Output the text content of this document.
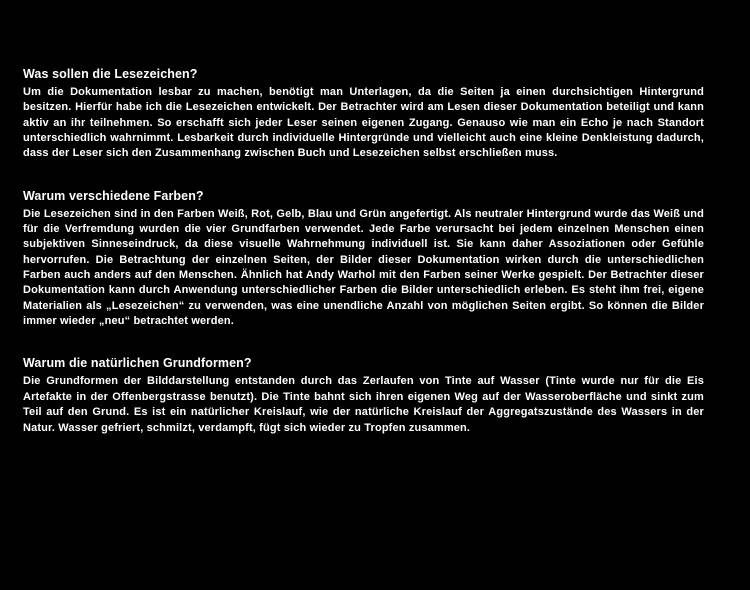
Was sollen die Lesezeichen?

Um die Dokumentation lesbar zu machen, benötigt man Unterlagen, da die Seiten ja einen durchsichtigen Hintergrund besitzen. Hierfür habe ich die Lesezeichen entwickelt. Der Betrachter wird am Lesen dieser Dokumentation beteiligt und kann aktiv an ihr teilnehmen. So erschafft sich jeder Leser seinen eigenen Zugang. Genauso wie man ein Echo je nach Standort unterschiedlich wahrnimmt. Lesbarkeit durch individuelle Hintergründe und vielleicht auch eine kleine Denkleistung dadurch, dass der Leser sich den Zusammenhang zwischen Buch und Lesezeichen selbst erschließen muss.

Warum verschiedene Farben?

Die Lesezeichen sind in den Farben Weiß, Rot, Gelb, Blau und Grün angefertigt. Als neutraler Hintergrund wurde das Weiß und für die Verfremdung wurden die vier Grundfarben verwendet. Jede Farbe verursacht bei jedem einzelnen Menschen einen subjektiven Sinneseindruck, da diese visuelle Wahrnehmung individuell ist. Sie kann daher Assoziationen oder Gefühle hervorrufen. Die Betrachtung der einzelnen Seiten, der Bilder dieser Dokumentation wirken durch die unterschiedlichen Farben auch anders auf den Menschen. Ähnlich hat Andy Warhol mit den Farben seiner Werke gespielt. Der Betrachter dieser Dokumentation kann durch Anwendung unterschiedlicher Farben die Bilder unterschiedlich erleben. Es steht ihm frei, eigene Materialien als „Lesezeichen“ zu verwenden, was eine unendliche Anzahl von möglichen Seiten ergibt. So können die Bilder immer wieder „neu“ betrachtet werden.

Warum die natürlichen Grundformen?

Die Grundformen der Bilddarstellung entstanden durch das Zerlaufen von Tinte auf Wasser (Tinte wurde nur für die Eis Artefakte in der Offenbergstrasse benutzt). Die Tinte bahnt sich ihren eigenen Weg auf der Wasseroberfläche und sinkt zum Teil auf den Grund. Es ist ein natürlicher Kreislauf, wie der natürliche Kreislauf der Aggregatszustände des Wassers in der Natur. Wasser gefriert, schmilzt, verdampft, fügt sich wieder zu Tropfen zusammen.
